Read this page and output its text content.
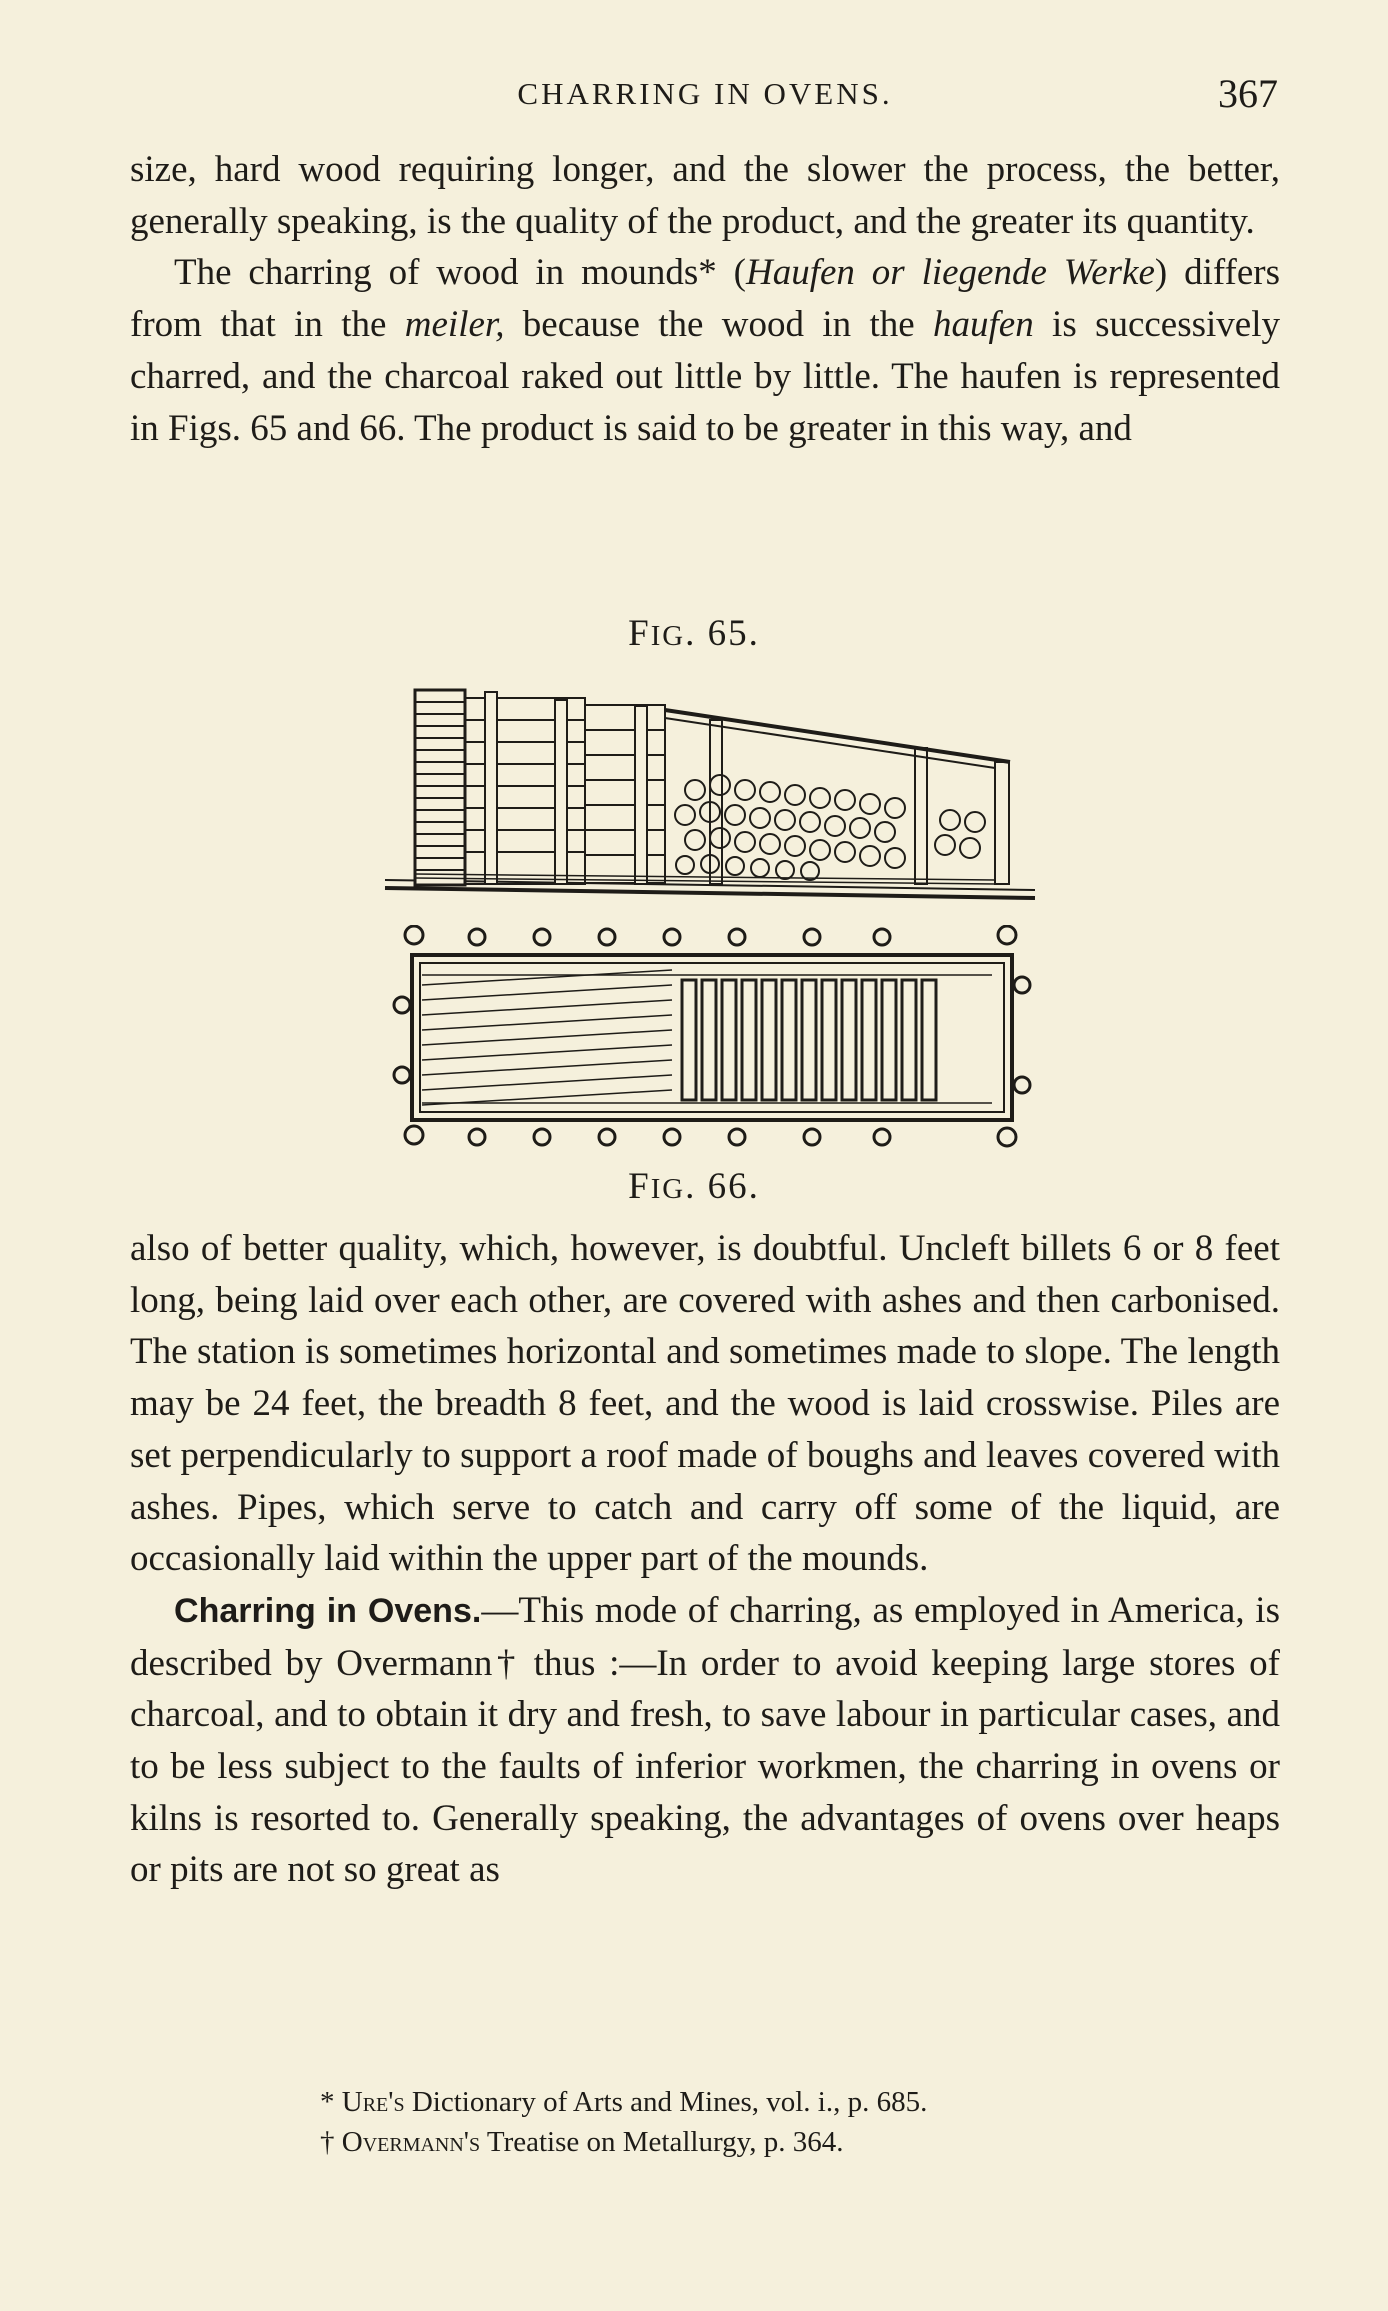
CHARRING IN OVENS.	367

size, hard wood requiring longer, and the slower the process, the better, generally speaking, is the quality of the product, and the greater its quantity.

The charring of wood in mounds* (Haufen or liegende Werke) differs from that in the meiler, because the wood in the haufen is successively charred, and the charcoal raked out little by little. The haufen is represented in Figs. 65 and 66. The product is said to be greater in this way, and

FIG. 65.
FIG. 66.

also of better quality, which, however, is doubtful. Uncleft billets 6 or 8 feet long, being laid over each other, are covered with ashes and then carbonised. The station is sometimes horizontal and sometimes made to slope. The length may be 24 feet, the breadth 8 feet, and the wood is laid crosswise. Piles are set perpendicularly to support a roof made of boughs and leaves covered with ashes. Pipes, which serve to catch and carry off some of the liquid, are occasionally laid within the upper part of the mounds.

Charring in Ovens.—This mode of charring, as employed in America, is described by Overmann† thus :—In order to avoid keeping large stores of charcoal, and to obtain it dry and fresh, to save labour in particular cases, and to be less subject to the faults of inferior workmen, the charring in ovens or kilns is resorted to. Generally speaking, the advantages of ovens over heaps or pits are not so great as

* Ure's Dictionary of Arts and Mines, vol. i., p. 685.

† Overmann's Treatise on Metallurgy, p. 364.
